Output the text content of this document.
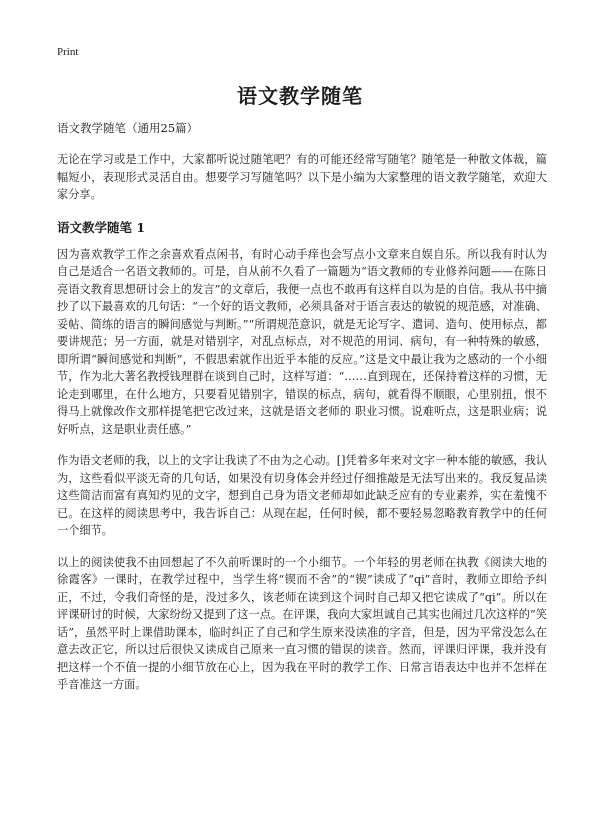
Print
语文教学随笔
语文教学随笔（通用25篇）

无论在学习或是工作中，大家都听说过随笔吧？有的可能还经常写随笔？随笔是一种散文体裁，篇幅短小，表现形式灵活自由。想要学习写随笔吗？以下是小编为大家整理的语文教学随笔，欢迎大家分享。

语文教学随笔 1

因为喜欢教学工作之余喜欢看点闲书，有时心动手痒也会写点小文章来自娱自乐。所以我有时认为自己是适合一名语文教师的。可是，自从前不久看了一篇题为“语文教师的专业修养问题——在陈日亮语文教育思想研讨会上的发言”的文章后，我便一点也不敢再有这样自以为是的自信。我从书中摘抄了以下最喜欢的几句话：“一个好的语文教师，必须具备对于语言表达的敏锐的规范感，对准确、妥帖、简练的语言的瞬间感觉与判断。”“所谓规范意识，就是无论写字、遣词、造句、使用标点，都要讲规范；另一方面，就是对错别字，对乱点标点，对不规范的用词、病句，有一种特殊的敏感，即所谓“瞬间感觉和判断”，不假思索就作出近乎本能的反应。”这是文中最让我为之感动的一个小细节，作为北大著名教授钱理群在谈到自己时，这样写道：“……直到现在，还保持着这样的习惯，无论走到哪里，在什么地方，只要看见错别字，错误的标点，病句，就看得不顺眼，心里别扭，恨不得马上就像改作文那样提笔把它改过来，这就是语文老师的 职业习惯。说难听点，这是职业病；说好听点，这是职业责任感。”

作为语文老师的我，以上的文字让我读了不由为之心动。[]凭着多年来对文字一种本能的敏感，我认为，这些看似平淡无奇的几句话，如果没有切身体会并经过仔细推敲是无法写出来的。我反复品读这些简洁而富有真知灼见的文字，想到自己身为语文老师却如此缺乏应有的专业素养，实在羞愧不已。在这样的阅读思考中，我告诉自己：从现在起，任何时候，都不要轻易忽略教育教学中的任何一个细节。

以上的阅读使我不由回想起了不久前听课时的一个小细节。一个年轻的男老师在执教《阅读大地的徐霞客》一课时，在教学过程中，当学生将“锲而不舍”的“锲”读成了“qi”音时，教师立即给予纠正，不过，令我们奇怪的是，没过多久，该老师在读到这个词时自己却又把它读成了“qi”。所以在评课研讨的时候，大家纷纷又提到了这一点。在评课，我向大家坦诚自己其实也闹过几次这样的“笑话”，虽然平时上课借助课本，临时纠正了自己和学生原来没读准的字音，但是，因为平常没怎么在意去改正它，所以过后很快又读成自己原来一直习惯的错误的读音。然而，评课归评课，我并没有把这样一个不值一提的小细节放在心上，因为我在平时的教学工作、日常言语表达中也并不怎样在乎音准这一方面。
